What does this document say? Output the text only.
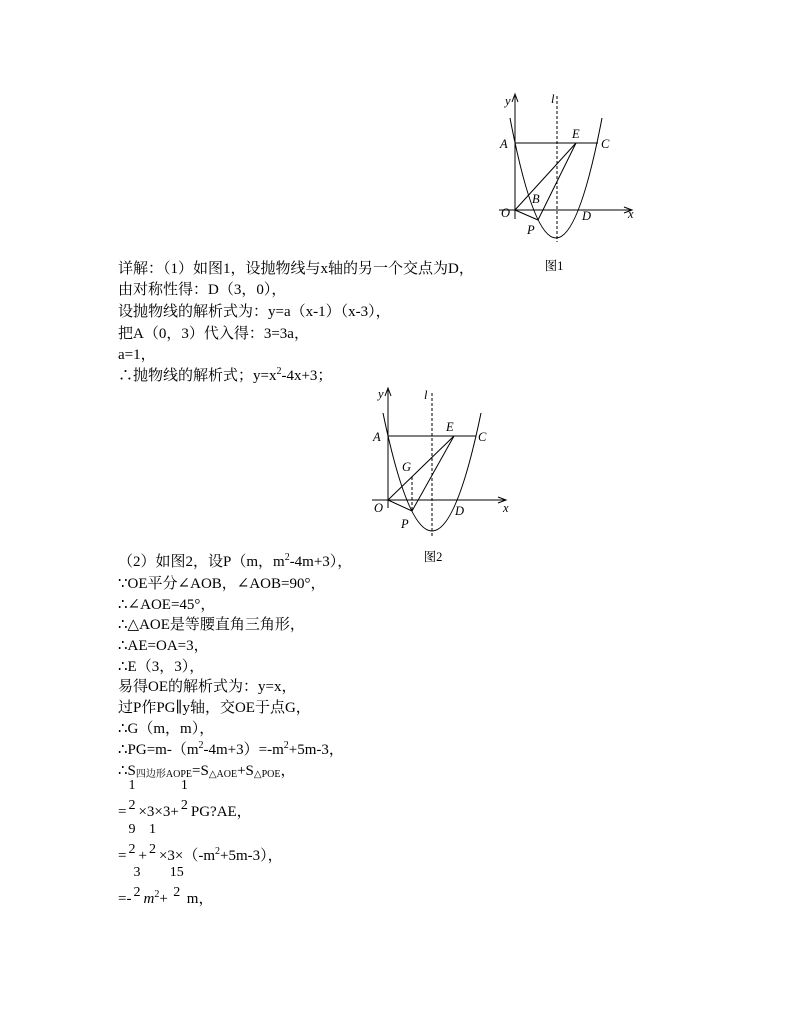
y	l
A
E
C
O
B
P
D	x
图1
详解：（1）如图1，设抛物线与x轴的另一个交点为D，
由对称性得：D（3，0），
设抛物线的解析式为：y=a（x-1）（x-3），
把A（0，3）代入得：3=3a，
a=1，
∴抛物线的解析式；$y=x^2-4x+3$；
y	l
A
E
C
G
O
P
D	x
图2
（2）如图2，设P（m，$m^2-4m+3$），
∵OE平分∠AOB，∠AOB=90°，
∴∠AOE=45°，
∴△AOE是等腰直角三角形，
∴AE=OA=3，
∴E（3，3），
易得OE的解析式为：y=x，
过P作PG∥y轴，交OE于点G，
∴G（m，m），
$\therefore PG=m-(m^2-4m+3)=-m^2+5m-3$，
$\therefore S_{四边形AOPE}=S_{\triangle AOE}+S_{\triangle POE}$，
=
1
2 ×3×3+
1
2 PG?AE，
=
9
2 +
1
$2 \times 3\times(-m^2+5m-3)$，
=-
3
2 $m^2+$
15
2 m，
